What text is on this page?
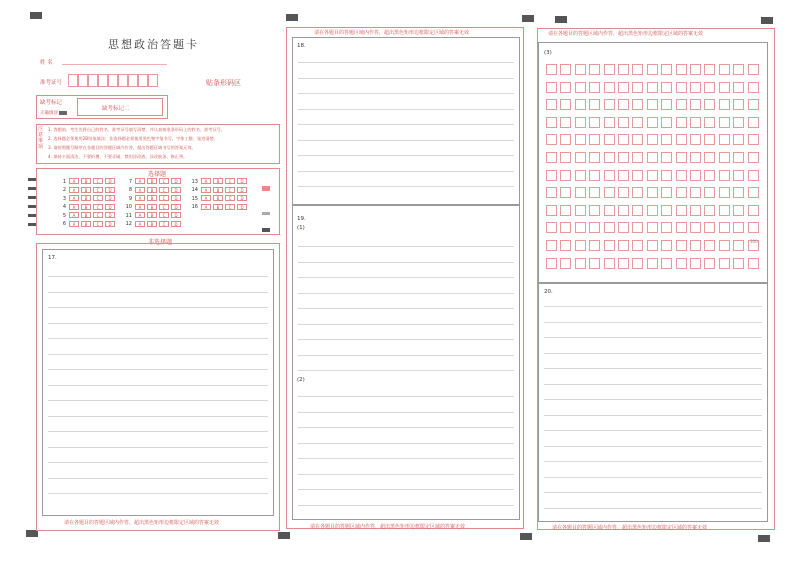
思想政治答题卡
姓 名
准考证号	贴条形码区
缺考标记
正确填涂
缺考标记二
注意事项
1. 答题前，考生先将自己的姓名、准考证号填写清楚，并认真核准条形码上的姓名、准考证号。
2. 选择题必须使用2B铅笔填涂；非选择题必须使用黑色签字笔书写，字体工整、笔迹清楚。
3. 请按照题号顺序在各题目的答题区域内作答，超出答题区域书写的答案无效。
4. 保持卡面清洁，不要折叠、不要弄破，禁用涂改液、涂改胶条、修正带。
选择题
1 A B C D
2 A B C D
3 A B C D
4 A B C D
5 A B C D
6 A B C D
7 A B C D
8 A B C D
9 A B C D
10 A B C D
11 A B C D
12 A B C D
13 A B C D
14 A B C D
15 A B C D
16 A B C D
非选择题
17.
请在各题目的答题区域内作答，超出黑色矩形边框限定区域的答案无效
请在各题目的答题区域内作答，超出黑色矩形边框限定区域的答案无效
18.
19.
(1)
(2)
请在各题目的答题区域内作答，超出黑色矩形边框限定区域的答案无效
请在各题目的答题区域内作答，超出黑色矩形边框限定区域的答案无效
(3)
300
20.
请在各题目的答题区域内作答，超出黑色矩形边框限定区域的答案无效
